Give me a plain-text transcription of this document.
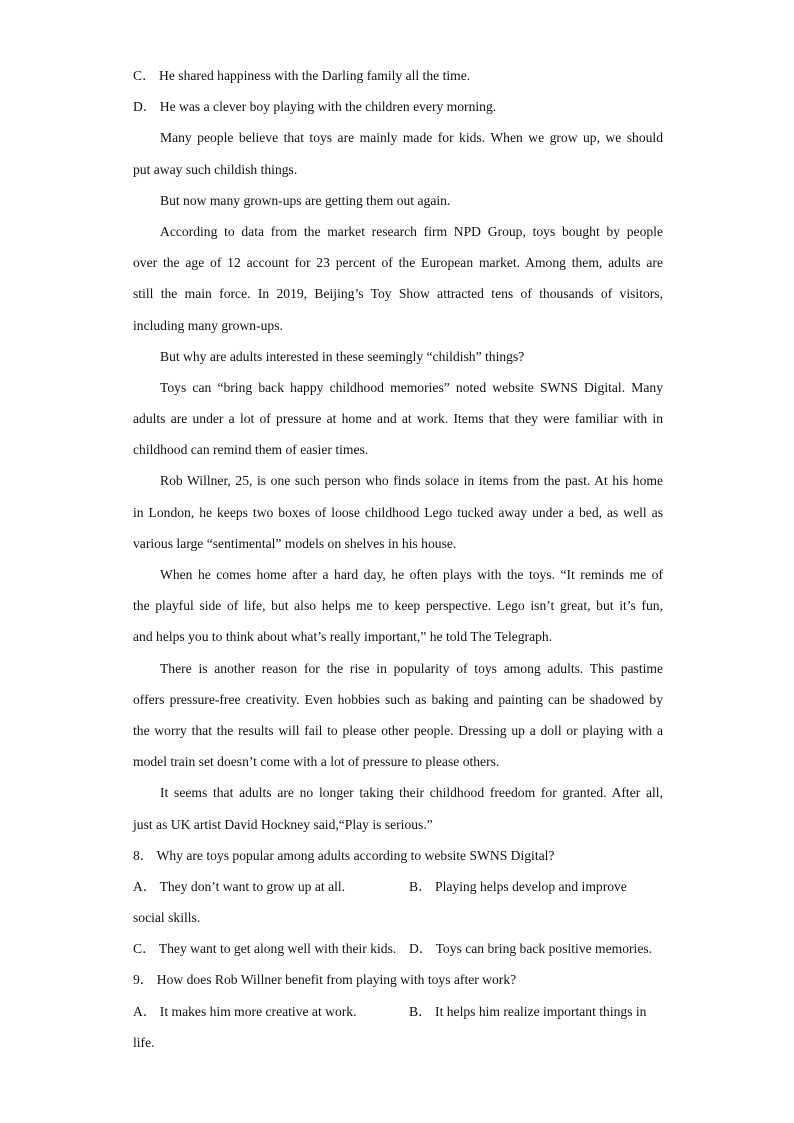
C． He shared happiness with the Darling family all the time.
D． He was a clever boy playing with the children every morning.
Many people believe that toys are mainly made for kids. When we grow up, we should
put away such childish things.
But now many grown-ups are getting them out again.
According to data from the market research firm NPD Group, toys bought by people
over the age of 12 account for 23 percent of the European market. Among them, adults are
still the main force. In 2019, Beijing’s Toy Show attracted tens of thousands of visitors,
including many grown-ups.
But why are adults interested in these seemingly “childish” things?
Toys can “bring back happy childhood memories” noted website SWNS Digital. Many
adults are under a lot of pressure at home and at work. Items that they were familiar with in
childhood can remind them of easier times.
Rob Willner, 25, is one such person who finds solace in items from the past. At his home
in London, he keeps two boxes of loose childhood Lego tucked away under a bed, as well as
various large “sentimental” models on shelves in his house.
When he comes home after a hard day, he often plays with the toys. “It reminds me of
the playful side of life, but also helps me to keep perspective. Lego isn’t great, but it’s fun,
and helps you to think about what’s really important,” he told The Telegraph.
There is another reason for the rise in popularity of toys among adults. This pastime
offers pressure-free creativity. Even hobbies such as baking and painting can be shadowed by
the worry that the results will fail to please other people. Dressing up a doll or playing with a
model train set doesn’t come with a lot of pressure to please others.
It seems that adults are no longer taking their childhood freedom for granted. After all,
just as UK artist David Hockney said,“Play is serious.”
8． Why are toys popular among adults according to website SWNS Digital?
A． They don’t want to grow up at all.	B． Playing helps develop and improve
social skills.
C． They want to get along well with their kids. D． Toys can bring back positive memories.
9． How does Rob Willner benefit from playing with toys after work?
A． It makes him more creative at work.	B． It helps him realize important things in
life.
